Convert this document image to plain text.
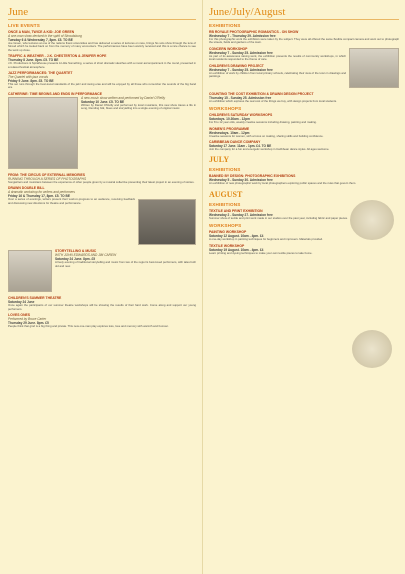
June
LIVE EVENTS
ONCE A MAN, TWICE A KID: JOE GREEN
A one-man show devised in the spirit of Stroudsburg
Tuesday 6 & Wednesday 7, 8pm. £5. TO BE
Joe Green, who lectures at one of the nations finest universities and has delivered a series of lectures on race, brings his solo show through the lens of Stroud which he looked back on from the memory of many encounters. The performances have been warmly received and this is a rare chance to see the work up close.
TRAFFIC & WEATHER - J.K. CHESTERTON & JENIFER HOPE
Thursday 8 June. 8pm. £5. TO BE
J.K. Productions & Spiralhouse presents A Little Something, a series of short dramatic sketches with a music accompaniment in the round, presented in a relaxed festival atmosphere.
JAZZ PERFORMANCES: THE QUARTET
The Quartet with jazz vocals
Friday 9 June. 8pm. £5. TO BE
This set runs through the best-loved standards of the jazz and swing eras and will be enjoyed by all those who remember the sounds of the big band era.
CATHERINE: TIME BEGINS AND ENDS IN PERFORMANCE
A new music show written and performed by Daniel O'Reilly
Saturday 10 June. £5. TO BE
Written by Daniel O'Reilly and performed by local musicians, this new show traces a life in song, blending folk, blues and storytelling into a single evening of original music.
FROM: THE CIRCUS OF EXTERNAL MEMORIES
RUNNING THROUGH A SERIES OF PHOTOGRAPHS
Songwriters and musicians between the experience of other people given by a musical collective presenting their latest project in an evening of stories.
DRAWN DOUBLE BILL
A dramatic workshop for writers and performers
Friday 16 & Thursday 17, 8pm. £5. TO BE
Over a series of evenings, writers present their work-in-progress to an audience, receiving feedback and discussing new directions for theatre and performance.
STORYTELLING & MUSIC
WITH JOHN EDWARDS AND JIM CAREW
Saturday 24 June. 8pm. £5
A lively evening of traditional storytelling and music from two of the region's best-loved performers, with tales both old and new.
CHILDREN'S SUMMER THEATRE
Saturday 24 June
Once again the participants of our summer theatre workshops will be showing the results of their hard work. Come along and support our young performers.
LOVES ONES
Performed by Bruce Carter
Thursday 29 June. 8pm. £5
People think that grief is a big thing and private. This new one-man play explores loss, love and memory with warmth and humour.
June/July/August
EXHIBITIONS
RB ROYALE PHOTOGRAPHIC ROMANTICS - ON SHOW
Wednesday 7 - Thursday 29. Admission free
For this photographic work the exhibitors were taken by the subject. They were all offered the same flexible compact camera and went out to photograph the streets, fields and gardens of the town.
CONCERN WORKSHOP
Wednesday 7 - Sunday 25. Admission free
As part of its awareness raising work, the exhibition presents the results of community workshops, in which local residents responded to the theme of care.
CHILDREN'S DRAWING PROJECT
Wednesday 7 - Sunday 25. Admission free
An exhibition of work by children from local primary schools, celebrating their view of the town in drawings and paintings.
COUNTING THE COST EXHIBITION & DRAWN DESIGN PROJECT
Thursday 15 - Sunday 25. Admission free
An exhibition which explores the real cost of the things we buy, with design projects from local students.
WORKSHOPS
CHILDREN'S SATURDAY WORKSHOPS
Saturdays. 10.30am - 12pm
For 8 to 12 year olds, weekly creative sessions including drawing, painting and making.
WOMEN'S PROGRAMME
Wednesdays. 10am - 12pm
Creative sessions for women, with a focus on making, sharing skills and building confidence.
CARIBBEAN DANCE COMPANY
Saturday 17 June. 11am - 1pm. £4. TO BE
Join the company for a fun and energetic workshop in Caribbean dance styles. All ages welcome.
JULY
EXHIBITIONS
BANNED BY DESIGN: PHOTOGRAPHIC EXHIBITIONS
Wednesday 5 - Sunday 30. Admission free
An exhibition of new photographic work by local photographers exploring public spaces and the rules that govern them.
AUGUST
EXHIBITIONS
TEXTILE AND PRINT EXHIBITION
Wednesday 2 - Sunday 27. Admission free
Summer show of textile and print work made in our studios over the past year, including fabric and paper pieces.
WORKSHOPS
PAINTING WORKSHOP
Saturday 12 August. 10am - 4pm. £4
A one-day workshop in painting techniques for beginners and improvers. Materials provided.
TEXTILE WORKSHOP
Saturday 19 August. 10am - 4pm. £4
Learn printing and dyeing techniques to make your own textile pieces to take home.
